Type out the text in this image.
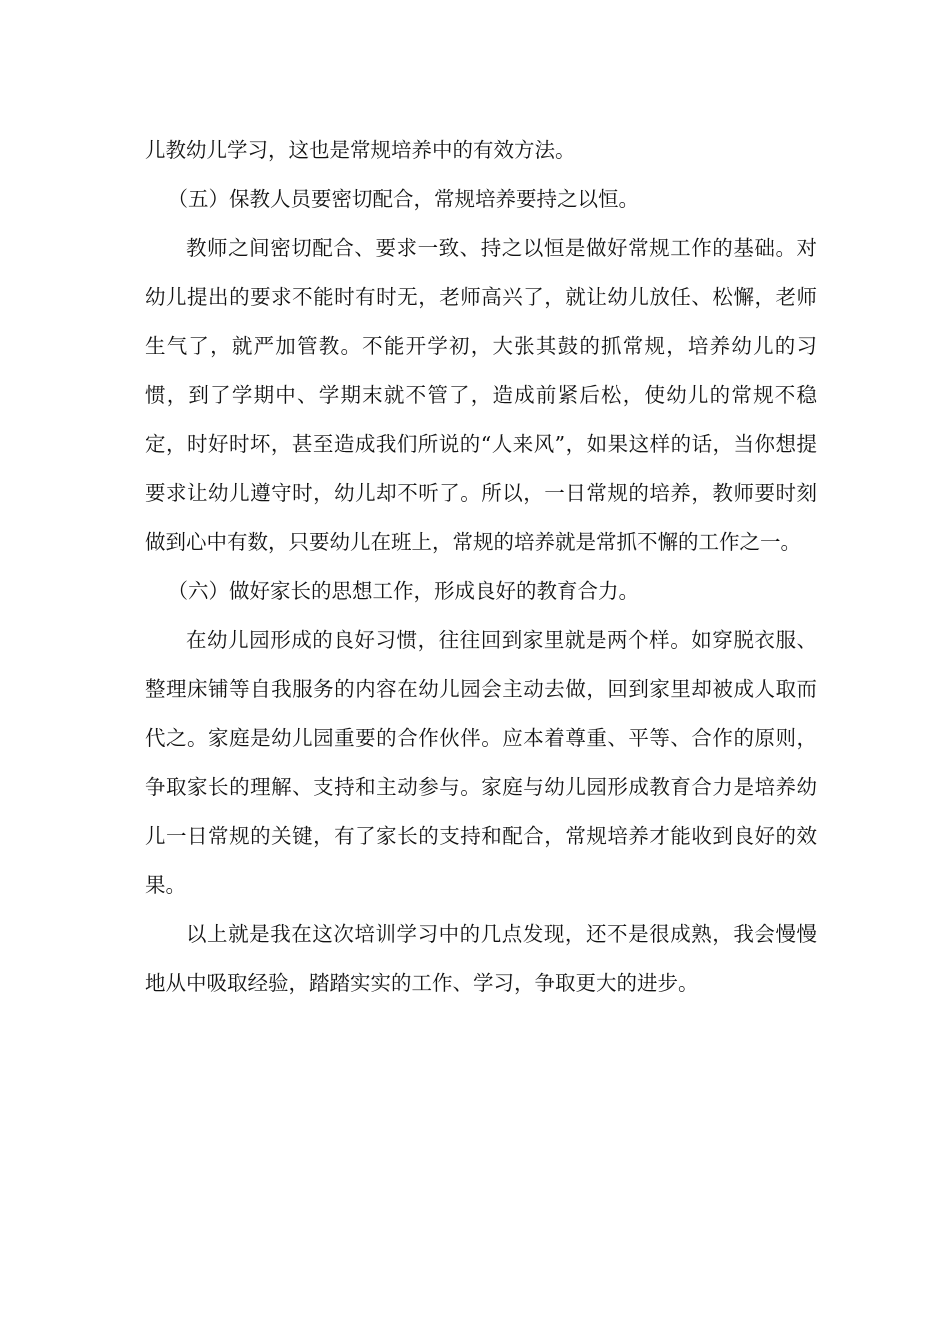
儿教幼儿学习，这也是常规培养中的有效方法。

（五）保教人员要密切配合，常规培养要持之以恒。

教师之间密切配合、要求一致、持之以恒是做好常规工作的基础。对幼儿提出的要求不能时有时无，老师高兴了，就让幼儿放任、松懈，老师生气了，就严加管教。不能开学初，大张其鼓的抓常规，培养幼儿的习惯，到了学期中、学期末就不管了，造成前紧后松，使幼儿的常规不稳定，时好时坏，甚至造成我们所说的“人来风”，如果这样的话，当你想提要求让幼儿遵守时，幼儿却不听了。所以，一日常规的培养，教师要时刻做到心中有数，只要幼儿在班上，常规的培养就是常抓不懈的工作之一。

（六）做好家长的思想工作，形成良好的教育合力。

在幼儿园形成的良好习惯，往往回到家里就是两个样。如穿脱衣服、整理床铺等自我服务的内容在幼儿园会主动去做，回到家里却被成人取而代之。家庭是幼儿园重要的合作伙伴。应本着尊重、平等、合作的原则，争取家长的理解、支持和主动参与。家庭与幼儿园形成教育合力是培养幼儿一日常规的关键，有了家长的支持和配合，常规培养才能收到良好的效果。

以上就是我在这次培训学习中的几点发现，还不是很成熟，我会慢慢地从中吸取经验，踏踏实实的工作、学习，争取更大的进步。
